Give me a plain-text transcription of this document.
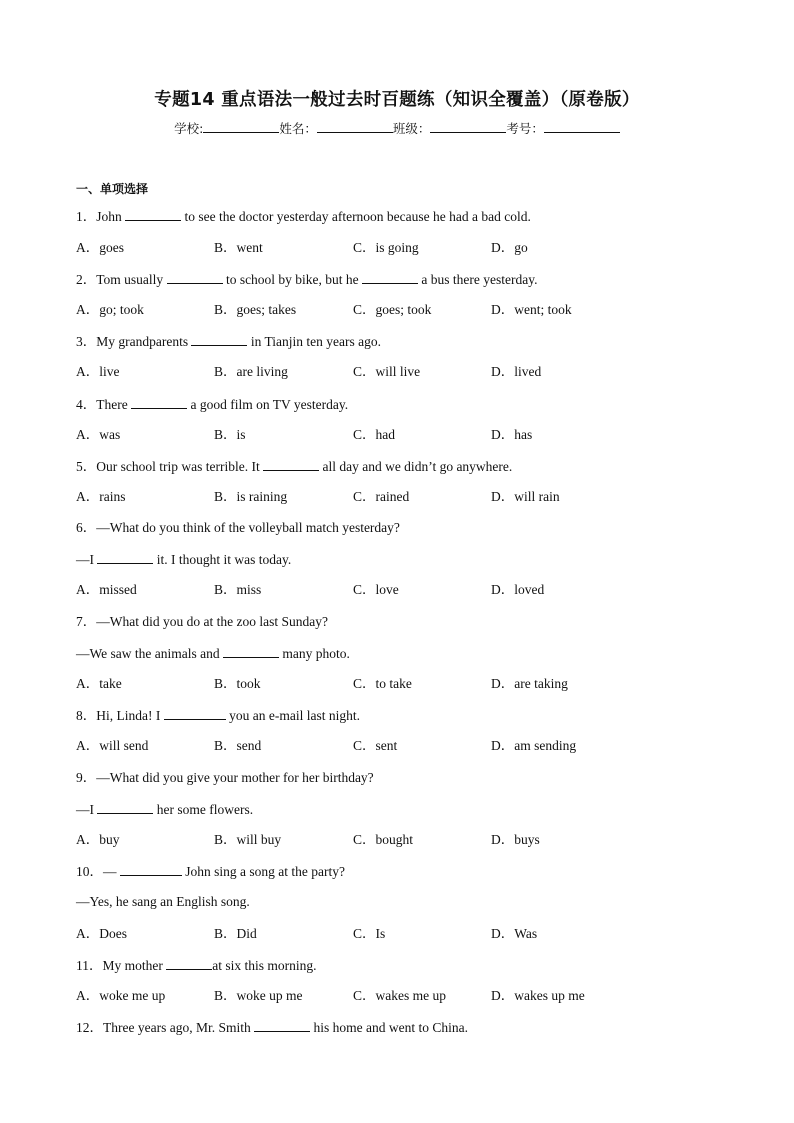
专题14 重点语法一般过去时百题练（知识全覆盖）（原卷版）
学校:	姓名：	班级：	考号：
一、单项选择
1．John	to see the doctor yesterday afternoon because he had a bad cold.
A．goes	B．went	C．is going	D．go
2．Tom usually	to school by bike, but he	a bus there yesterday.
A．go; took	B．goes; takes	C．goes; took	D．went; took
3．My grandparents	in Tianjin ten years ago.
A．live	B．are living	C．will live	D．lived
4．There	a good film on TV yesterday.
A．was	B．is	C．had	D．has
5．Our school trip was terrible. It	all day and we didn’t go anywhere.
A．rains	B．is raining	C．rained	D．will rain
6．—What do you think of the volleyball match yesterday?
—I	it. I thought it was today.
A．missed	B．miss	C．love	D．loved
7．—What did you do at the zoo last Sunday?
—We saw the animals and	many photo.
A．take	B．took	C．to take	D．are taking
8．Hi, Linda! I	you an e-mail last night.
A．will send	B．send	C．sent	D．am sending
9．—What did you give your mother for her birthday?
—I	her some flowers.
A．buy	B．will buy	C．bought	D．buys
10．—	John sing a song at the party?
—Yes, he sang an English song.
A．Does	B．Did	C．Is	D．Was
11．My mother	at six this morning.
A．woke me up	B．woke up me	C．wakes me up	D．wakes up me
12．Three years ago, Mr. Smith	his home and went to China.
